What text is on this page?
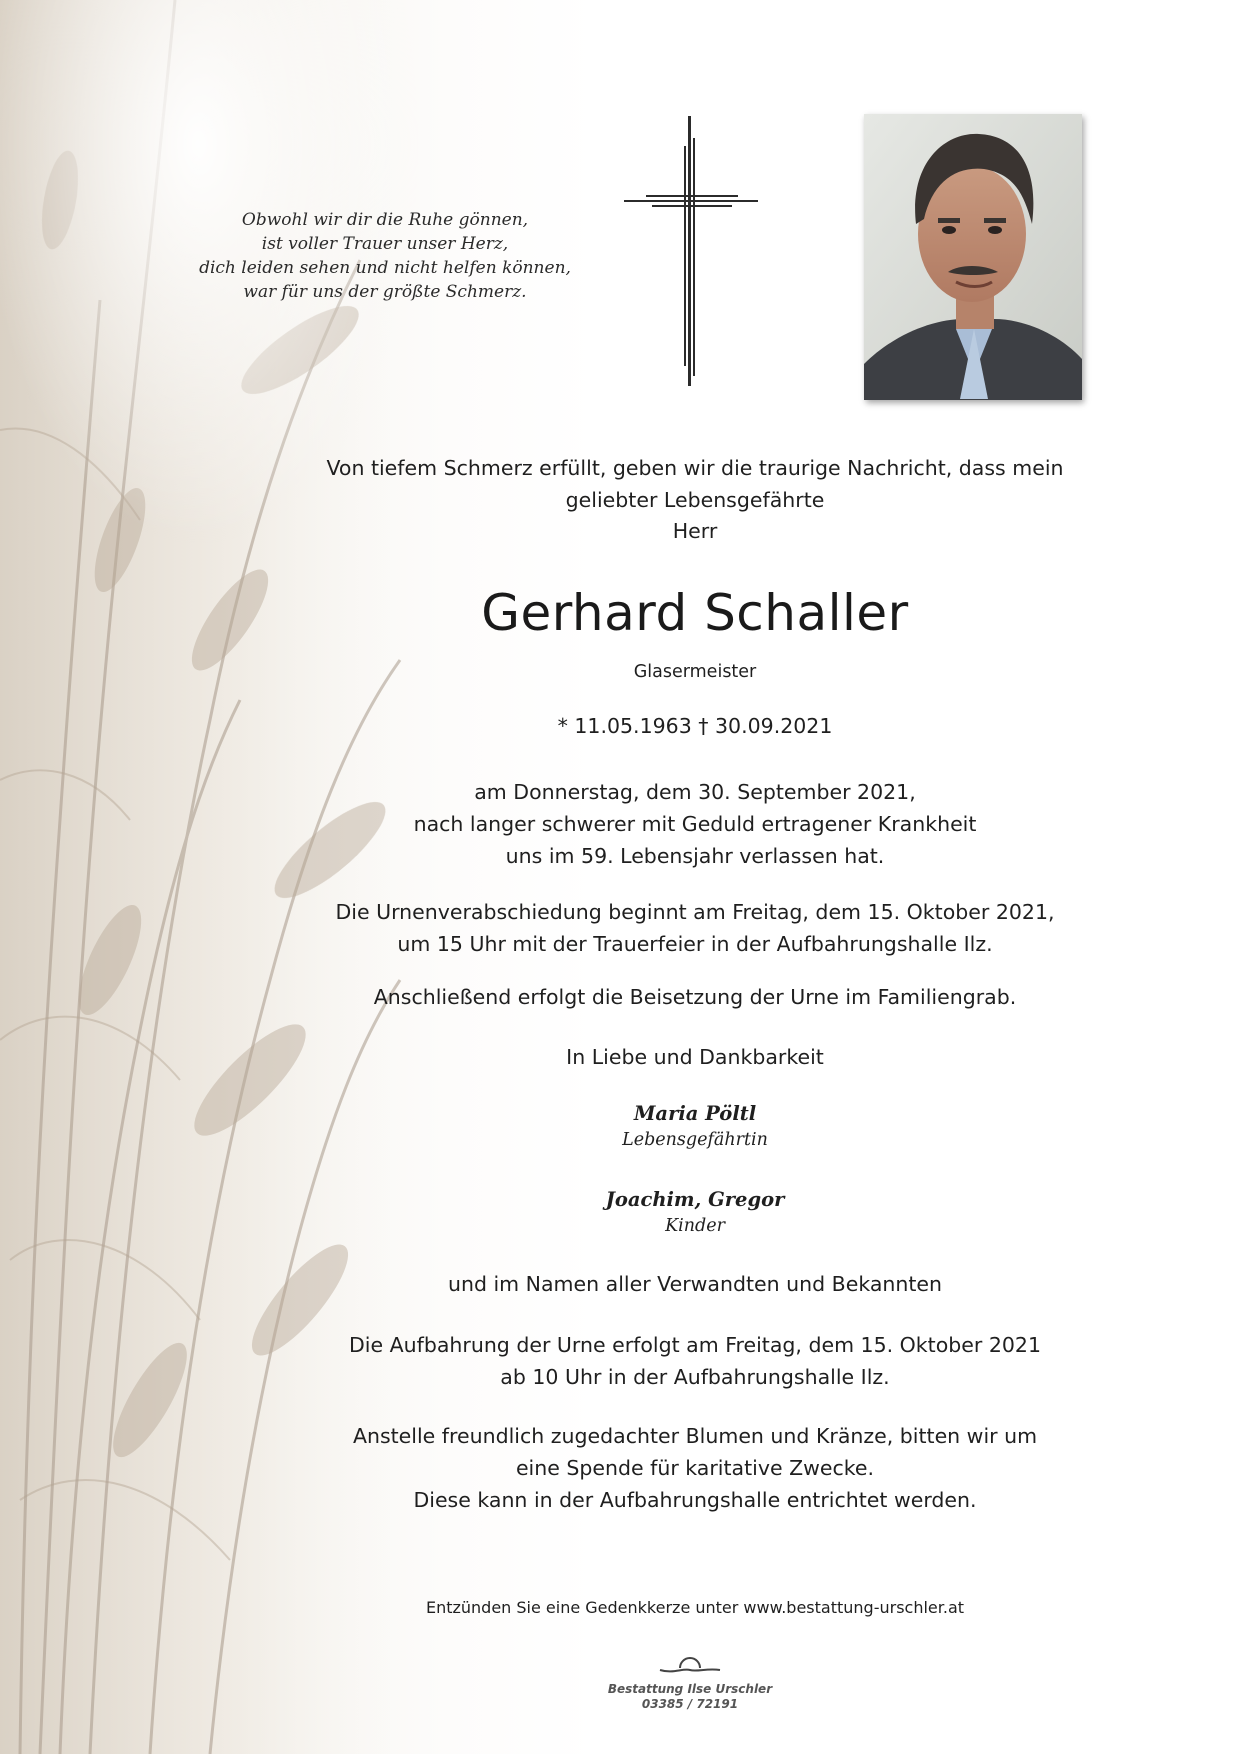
Obwohl wir dir die Ruhe gönnen,
ist voller Trauer unser Herz,
dich leiden sehen und nicht helfen können,
war für uns der größte Schmerz.
Von tiefem Schmerz erfüllt, geben wir die traurige Nachricht, dass mein
geliebter Lebensgefährte
Herr
Gerhard Schaller
Glasermeister
* 11.05.1963 † 30.09.2021
am Donnerstag, dem 30. September 2021,
nach langer schwerer mit Geduld ertragener Krankheit
uns im 59. Lebensjahr verlassen hat.
Die Urnenverabschiedung beginnt am Freitag, dem 15. Oktober 2021,
um 15 Uhr mit der Trauerfeier in der Aufbahrungshalle Ilz.
Anschließend erfolgt die Beisetzung der Urne im Familiengrab.
In Liebe und Dankbarkeit
Maria Pöltl
Lebensgefährtin
Joachim, Gregor
Kinder
und im Namen aller Verwandten und Bekannten
Die Aufbahrung der Urne erfolgt am Freitag, dem 15. Oktober 2021
ab 10 Uhr in der Aufbahrungshalle Ilz.
Anstelle freundlich zugedachter Blumen und Kränze, bitten wir um
eine Spende für karitative Zwecke.
Diese kann in der Aufbahrungshalle entrichtet werden.
Entzünden Sie eine Gedenkkerze unter www.bestattung-urschler.at
Bestattung Ilse Urschler
03385 / 72191
